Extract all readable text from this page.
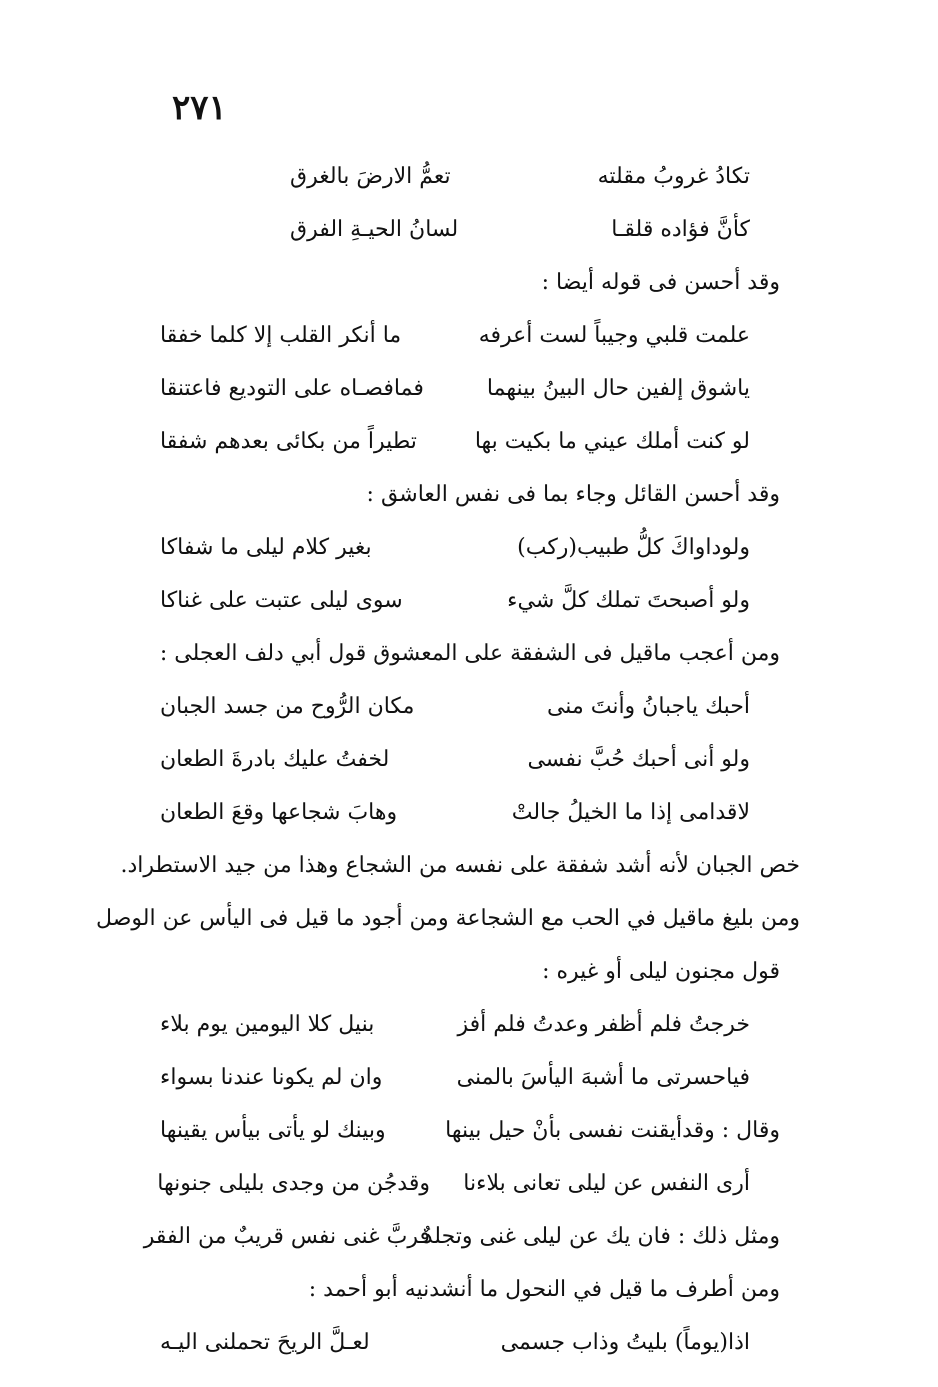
٢٧١
تكادُ غروبُ مقلته
تعمُّ الارضَ بالغرق
كأنَّ فؤاده قلقـا
لسانُ الحيـةِ الفرق
وقد أحسن فى قوله أيضا :
علمت قلبي وجيباً لست أعرفه
ما أنكر القلب إلا كلما خفقا
ياشوق إلفين حال البينُ بينهما
فمافصـاه على التوديع فاعتنقا
لو كنت أملك عيني ما بكيت بها
تطيراً من بكائى بعدهم شفقا
وقد أحسن القائل وجاء بما فى نفس العاشق :
ولوداواكَ كلُّ طبيب(ركب)
بغير كلام ليلى ما شفاكا
ولو أصبحتَ تملك كلَّ شيء
سوى ليلى عتبت على غناكا
ومن أعجب ماقيل فى الشفقة على المعشوق قول أبي دلف العجلى :
أحبك ياجبانُ وأنتَ منى
مكان الرُّوح من جسد الجبان
ولو أنى أحبك حُبَّ نفسى
لخفتُ عليك بادرةَ الطعان
لاقدامى إذا ما الخيلُ جالتْ
وهابَ شجاعها وقعَ الطعان
خص الجبان لأنه أشد شفقة على نفسه من الشجاع وهذا من جيد الاستطراد.
ومن بليغ ماقيل في الحب مع الشجاعة ومن أجود ما قيل فى اليأس عن الوصل
قول مجنون ليلى أو غيره :
خرجتُ فلم أظفر وعدتُ فلم أفز
بنيل كلا اليومين يوم بلاء
فياحسرتى ما أشبهَ اليأسَ بالمنى
وان لم يكونا عندنا بسواء
وقال : وقدأيقنت نفسى بأنْ حيل بينها
وبينك لو يأتى بيأس يقينها
أرى النفس عن ليلى تعانى بلاءنا
وقدجُن من وجدى بليلى جنونها
ومثل ذلك : فان يك عن ليلى غنى وتجلدٌ
فربَّ غنى نفس قريبٌ من الفقر
ومن أطرف ما قيل في النحول ما أنشدنيه أبو أحمد :
اذا(يوماً) بليتُ وذاب جسمى
لعـلَّ الريحَ تحملنى اليـه
